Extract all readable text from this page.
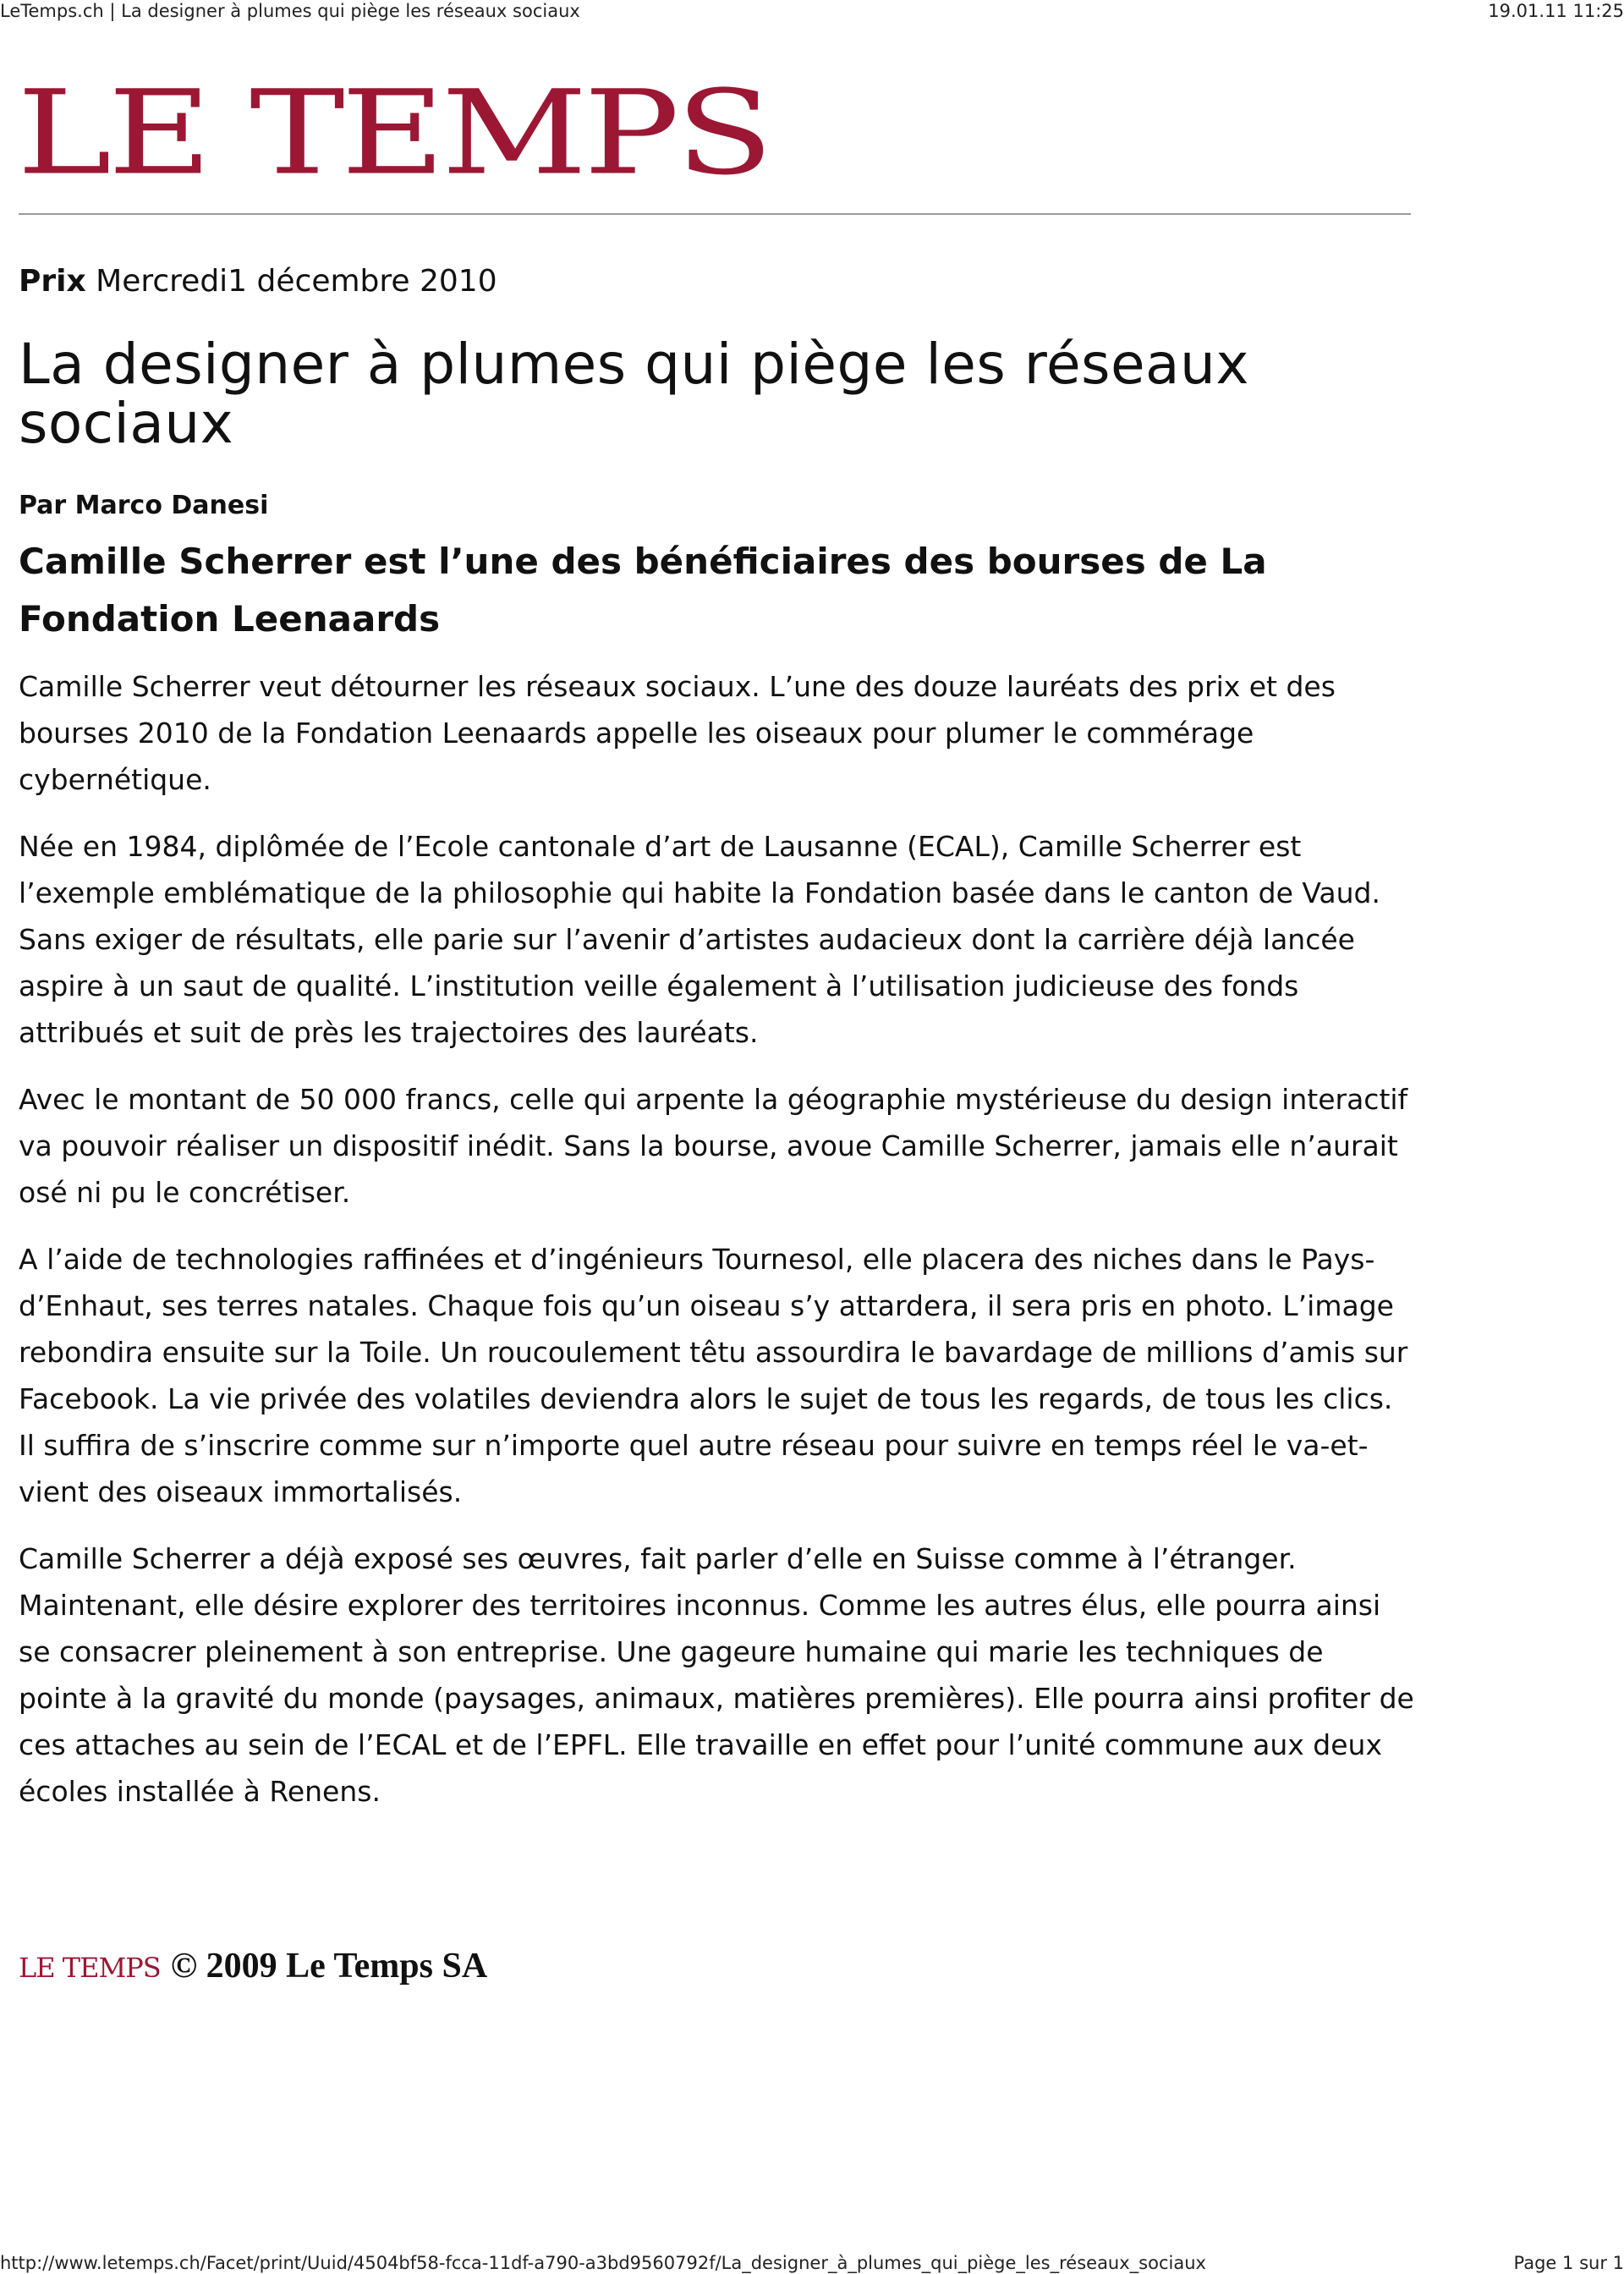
LeTemps.ch | La designer à plumes qui piège les réseaux sociaux	19.01.11 11:25
LE TEMPS

Prix Mercredi1 décembre 2010

La designer à plumes qui piège les réseaux sociaux
Par Marco Danesi
Camille Scherrer est l’une des bénéficiaires des bourses de La Fondation Leenaards

Camille Scherrer veut détourner les réseaux sociaux. L’une des douze lauréats des prix et des bourses 2010 de la Fondation Leenaards appelle les oiseaux pour plumer le commérage cybernétique.

Née en 1984, diplômée de l’Ecole cantonale d’art de Lausanne (ECAL), Camille Scherrer est l’exemple emblématique de la philosophie qui habite la Fondation basée dans le canton de Vaud. Sans exiger de résultats, elle parie sur l’avenir d’artistes audacieux dont la carrière déjà lancée aspire à un saut de qualité. L’institution veille également à l’utilisation judicieuse des fonds attribués et suit de près les trajectoires des lauréats.

Avec le montant de 50 000 francs, celle qui arpente la géographie mystérieuse du design interactif va pouvoir réaliser un dispositif inédit. Sans la bourse, avoue Camille Scherrer, jamais elle n’aurait osé ni pu le concrétiser.

A l’aide de technologies raffinées et d’ingénieurs Tournesol, elle placera des niches dans le Pays-d’Enhaut, ses terres natales. Chaque fois qu’un oiseau s’y attardera, il sera pris en photo. L’image rebondira ensuite sur la Toile. Un roucoulement têtu assourdira le bavardage de millions d’amis sur Facebook. La vie privée des volatiles deviendra alors le sujet de tous les regards, de tous les clics. Il suffira de s’inscrire comme sur n’importe quel autre réseau pour suivre en temps réel le va-et-vient des oiseaux immortalisés.

Camille Scherrer a déjà exposé ses œuvres, fait parler d’elle en Suisse comme à l’étranger. Maintenant, elle désire explorer des territoires inconnus. Comme les autres élus, elle pourra ainsi se consacrer pleinement à son entreprise. Une gageure humaine qui marie les techniques de pointe à la gravité du monde (paysages, animaux, matières premières). Elle pourra ainsi profiter de ces attaches au sein de l’ECAL et de l’EPFL. Elle travaille en effet pour l’unité commune aux deux écoles installée à Renens.

LE TEMPS © 2009 Le Temps SA
http://www.letemps.ch/Facet/print/Uuid/4504bf58-fcca-11df-a790-a3bd9560792f/La_designer_à_plumes_qui_piège_les_réseaux_sociaux	Page 1 sur 1
